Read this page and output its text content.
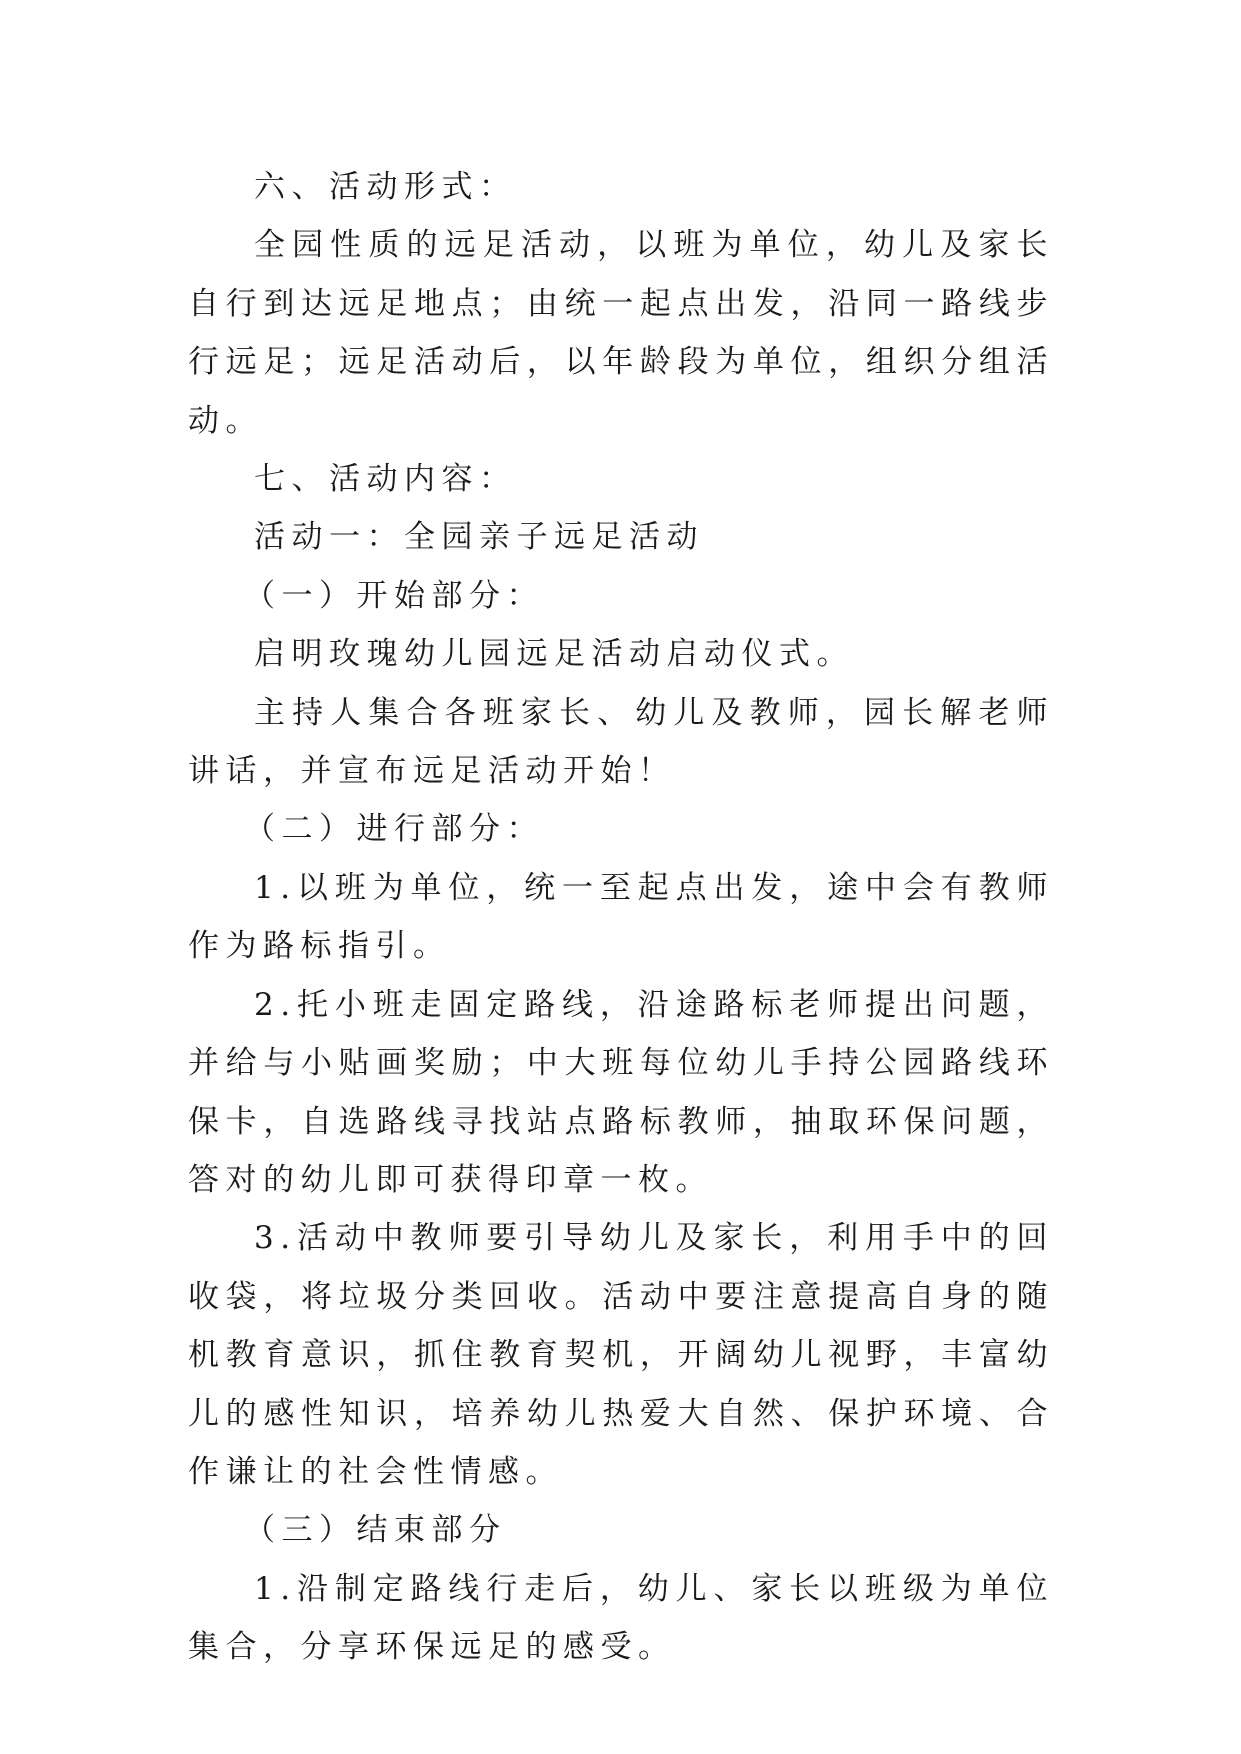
六、活动形式：

全园性质的远足活动，以班为单位，幼儿及家长自行到达远足地点；由统一起点出发，沿同一路线步行远足；远足活动后，以年龄段为单位，组织分组活动。

七、活动内容：

活动一：全园亲子远足活动

（一）开始部分：

启明玫瑰幼儿园远足活动启动仪式。

主持人集合各班家长、幼儿及教师，园长解老师讲话，并宣布远足活动开始！

（二）进行部分：

1.以班为单位，统一至起点出发，途中会有教师作为路标指引。

2.托小班走固定路线，沿途路标老师提出问题，并给与小贴画奖励；中大班每位幼儿手持公园路线环保卡，自选路线寻找站点路标教师，抽取环保问题，答对的幼儿即可获得印章一枚。

3.活动中教师要引导幼儿及家长，利用手中的回收袋，将垃圾分类回收。活动中要注意提高自身的随机教育意识，抓住教育契机，开阔幼儿视野，丰富幼儿的感性知识，培养幼儿热爱大自然、保护环境、合作谦让的社会性情感。

（三）结束部分

1.沿制定路线行走后，幼儿、家长以班级为单位集合，分享环保远足的感受。
